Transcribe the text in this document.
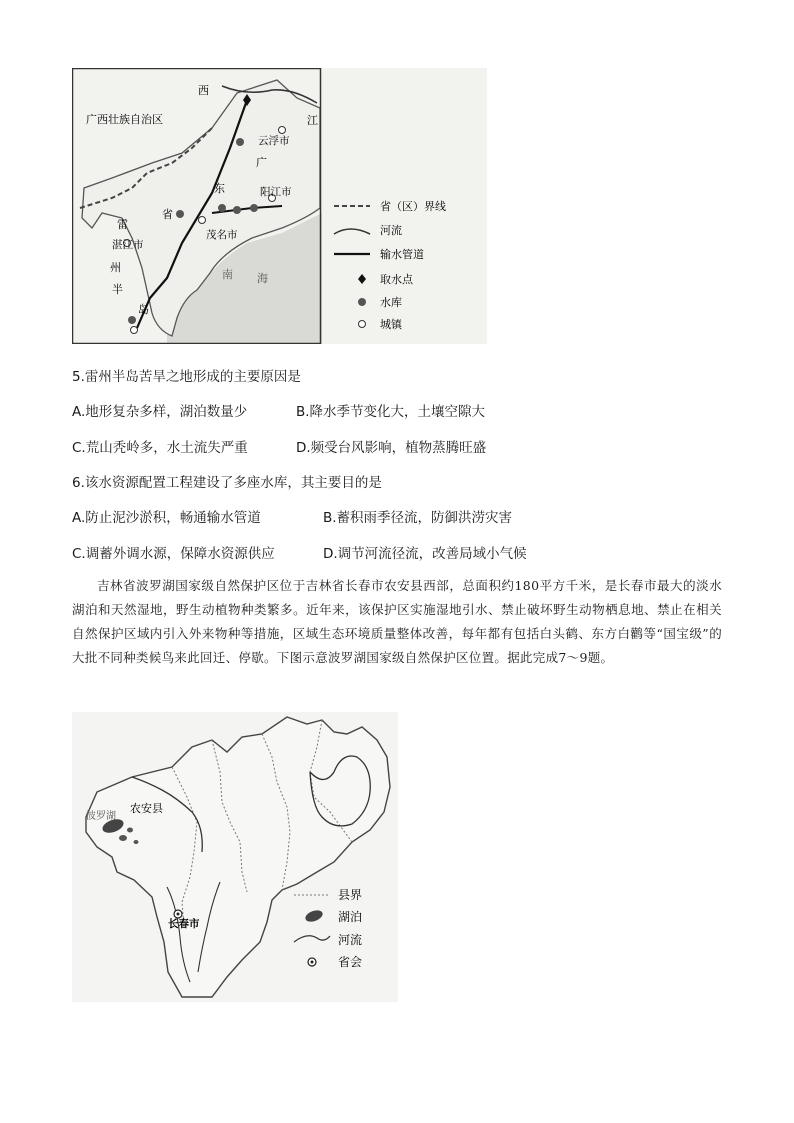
广西壮族自治区
西
江
云浮市
广
东	阳江市
省
茂名市
雷
湛江市
州
半
岛
南 海
省（区）界线
河流
输水管道
取水点
水库
城镇
5.雷州半岛苦旱之地形成的主要原因是
A.地形复杂多样，湖泊数量少	B.降水季节变化大，土壤空隙大
C.荒山秃岭多，水土流失严重	D.频受台风影响，植物蒸腾旺盛
6.该水资源配置工程建设了多座水库，其主要目的是
A.防止泥沙淤积，畅通输水管道	B.蓄积雨季径流，防御洪涝灾害
C.调蓄外调水源，保障水资源供应	D.调节河流径流，改善局域小气候
吉林省波罗湖国家级自然保护区位于吉林省长春市农安县西部，总面积约180平方千米，是长春市最大的淡水湖泊和天然湿地，野生动植物种类繁多。近年来，该保护区实施湿地引水、禁止破坏野生动物栖息地、禁止在相关自然保护区域内引入外来物种等措施，区域生态环境质量整体改善，每年都有包括白头鹤、东方白鹳等“国宝级”的大批不同种类候鸟来此回迁、停歇。下图示意波罗湖国家级自然保护区位置。据此完成7～9题。
农安县
波罗湖
长春市
县界
湖泊
河流
省会
